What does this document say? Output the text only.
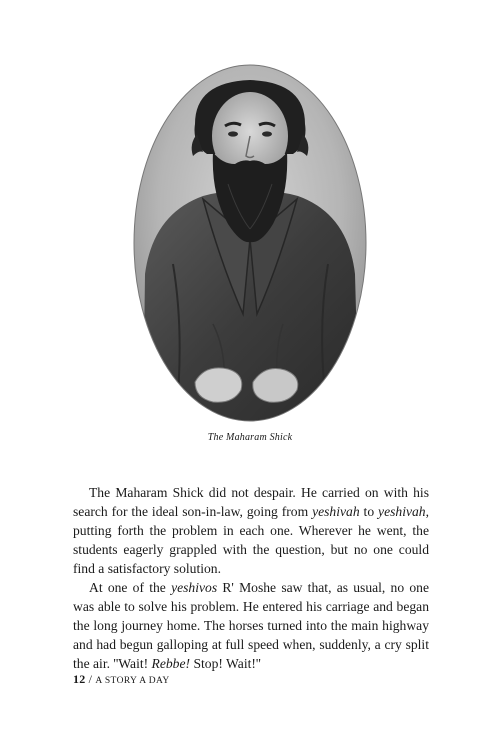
The Maharam Shick

The Maharam Shick did not despair. He carried on with his search for the ideal son-in-law, going from yeshivah to yeshivah, putting forth the problem in each one. Wherever he went, the students eagerly grappled with the question, but no one could find a satisfactory solution.

At one of the yeshivos R' Moshe saw that, as usual, no one was able to solve his problem. He entered his carriage and began the long journey home. The horses turned into the main highway and had begun galloping at full speed when, suddenly, a cry split the air. ''Wait! Rebbe! Stop! Wait!''

12 / A STORY A DAY
